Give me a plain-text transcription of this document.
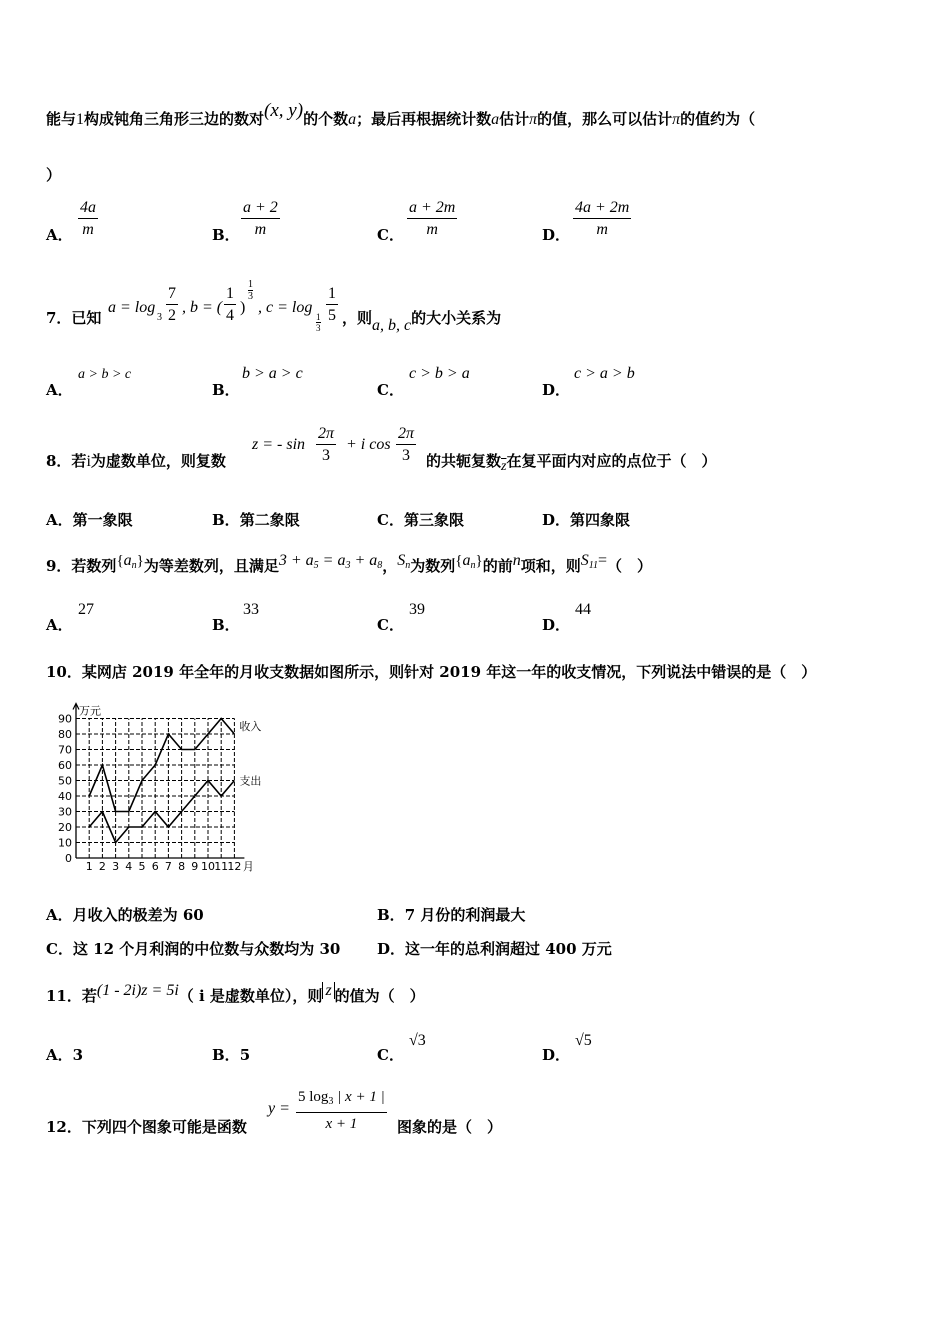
能与1构成钝角三角形三边的数对(x, y)的个数a；最后再根据统计数a估计π的值，那么可以估计π的值约为（
）
A． $\frac{4a}{m}$	B． $\frac{a + 2}{m}$	C． $\frac{a + 2m}{m}$	D． $\frac{4a + 2m}{m}$
7．已知
a = log
$3 \frac{7}{2}$ , b = ( $\frac{1}{4}$ )
$\frac{1}{3}$
, c = log
$\frac{1}{3} \frac{1}{5}$ ，则a, b, c的大小关系为
A．
a > b > c
B．
b > a > c
C．
c > b > a
D．
c > a > b
8．若i为虚数单位，则复数
z = - $\sin \frac{2\pi}{3} + i$ $\cos \frac{2\pi}{3}$ 的共轭复数$\overline{z}$在复平面内对应的点位于（　）
A．第一象限	B．第二象限	C．第三象限	D．第四象限
9．若数列$\{a_n\}$为等差数列，且满足$3 + a_5 = a_3 + a_8$，$S_n$为数列$\{a_n\}$的前n项和，则$S_{11}=$（　）
A．
27
B．
33
C．
39
D．
44
10．某网店 2019 年全年的月收支数据如图所示，则针对 2019 年这一年的收支情况，下列说法中错误的是（　）
0
10
20
30
40
50
60
70
80
90
1 2 3 4 5 6 7 8 9 10 11 12 月
万元
收入
支出
A．月收入的极差为 60	B．7 月份的利润最大
C．这 12 个月利润的中位数与众数均为 30 D．这一年的总利润超过 400 万元
11．若(1 - 2i)z = 5i（ i 是虚数单位），则 z 的值为（　）
A．3	B．5	C．
√3
D．
√5
12．下列四个图象可能是函数
$y = \frac{5 \log_3 | x + 1 |}{x + 1}$ 图象的是（　）
